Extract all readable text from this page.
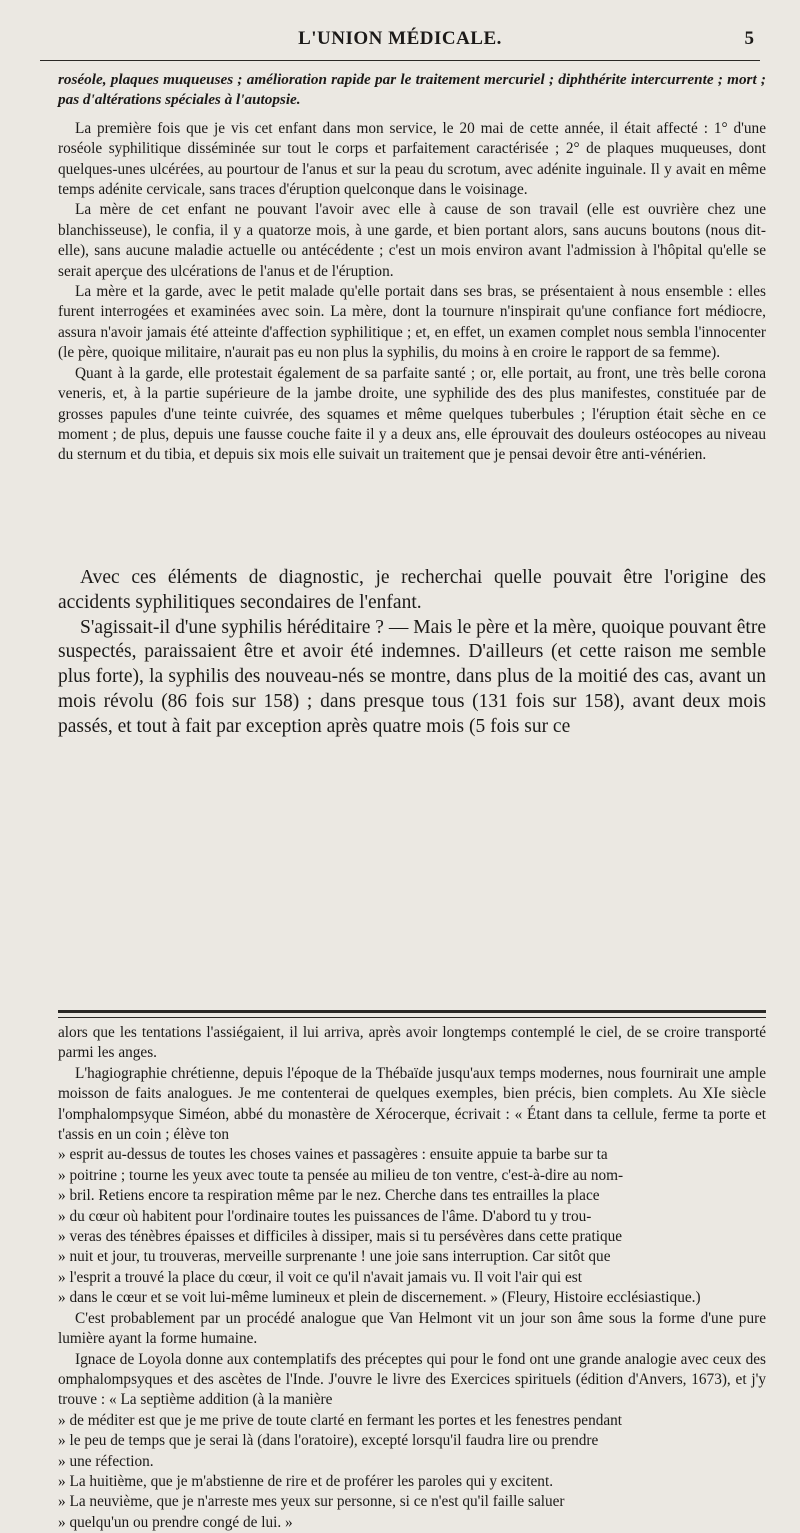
L'UNION MÉDICALE.	5

roséole, plaques muqueuses ; amélioration rapide par le traitement mercuriel ; diphthérite intercurrente ; mort ; pas d'altérations spéciales à l'autopsie.

La première fois que je vis cet enfant dans mon service, le 20 mai de cette année, il était affecté : 1° d'une roséole syphilitique disséminée sur tout le corps et parfaitement caractérisée ; 2° de plaques muqueuses, dont quelques-unes ulcérées, au pourtour de l'anus et sur la peau du scrotum, avec adénite inguinale. Il y avait en même temps adénite cervicale, sans traces d'éruption quelconque dans le voisinage.

La mère de cet enfant ne pouvant l'avoir avec elle à cause de son travail (elle est ouvrière chez une blanchisseuse), le confia, il y a quatorze mois, à une garde, et bien portant alors, sans aucuns boutons (nous dit-elle), sans aucune maladie actuelle ou antécédente ; c'est un mois environ avant l'admission à l'hôpital qu'elle se serait aperçue des ulcérations de l'anus et de l'éruption.

La mère et la garde, avec le petit malade qu'elle portait dans ses bras, se présentaient à nous ensemble : elles furent interrogées et examinées avec soin. La mère, dont la tournure n'inspirait qu'une confiance fort médiocre, assura n'avoir jamais été atteinte d'affection syphilitique ; et, en effet, un examen complet nous sembla l'innocenter (le père, quoique militaire, n'aurait pas eu non plus la syphilis, du moins à en croire le rapport de sa femme).

Quant à la garde, elle protestait également de sa parfaite santé ; or, elle portait, au front, une très belle corona veneris, et, à la partie supérieure de la jambe droite, une syphilide des des plus manifestes, constituée par de grosses papules d'une teinte cuivrée, des squames et même quelques tuberbules ; l'éruption était sèche en ce moment ; de plus, depuis une fausse couche faite il y a deux ans, elle éprouvait des douleurs ostéocopes au niveau du sternum et du tibia, et depuis six mois elle suivait un traitement que je pensai devoir être anti-vénérien.

Avec ces éléments de diagnostic, je recherchai quelle pouvait être l'origine des accidents syphilitiques secondaires de l'enfant.

S'agissait-il d'une syphilis héréditaire ? — Mais le père et la mère, quoique pouvant être suspectés, paraissaient être et avoir été indemnes. D'ailleurs (et cette raison me semble plus forte), la syphilis des nouveau-nés se montre, dans plus de la moitié des cas, avant un mois révolu (86 fois sur 158) ; dans presque tous (131 fois sur 158), avant deux mois passés, et tout à fait par exception après quatre mois (5 fois sur ce

alors que les tentations l'assiégaient, il lui arriva, après avoir longtemps contemplé le ciel, de se croire transporté parmi les anges.

L'hagiographie chrétienne, depuis l'époque de la Thébaïde jusqu'aux temps modernes, nous fournirait une ample moisson de faits analogues. Je me contenterai de quelques exemples, bien précis, bien complets. Au XIe siècle l'omphalompsyque Siméon, abbé du monastère de Xérocerque, écrivait : « Étant dans ta cellule, ferme ta porte et t'assis en un coin ; élève ton

» esprit au-dessus de toutes les choses vaines et passagères : ensuite appuie ta barbe sur ta

» poitrine ; tourne les yeux avec toute ta pensée au milieu de ton ventre, c'est-à-dire au nom-

» bril. Retiens encore ta respiration même par le nez. Cherche dans tes entrailles la place

» du cœur où habitent pour l'ordinaire toutes les puissances de l'âme. D'abord tu y trou-

» veras des ténèbres épaisses et difficiles à dissiper, mais si tu persévères dans cette pratique

» nuit et jour, tu trouveras, merveille surprenante ! une joie sans interruption. Car sitôt que

» l'esprit a trouvé la place du cœur, il voit ce qu'il n'avait jamais vu. Il voit l'air qui est

» dans le cœur et se voit lui-même lumineux et plein de discernement. » (Fleury, Histoire ecclésiastique.)

C'est probablement par un procédé analogue que Van Helmont vit un jour son âme sous la forme d'une pure lumière ayant la forme humaine.

Ignace de Loyola donne aux contemplatifs des préceptes qui pour le fond ont une grande analogie avec ceux des omphalompsyques et des ascètes de l'Inde. J'ouvre le livre des Exercices spirituels (édition d'Anvers, 1673), et j'y trouve : « La septième addition (à la manière

» de méditer est que je me prive de toute clarté en fermant les portes et les fenestres pendant

» le peu de temps que je serai là (dans l'oratoire), excepté lorsqu'il faudra lire ou prendre

» une réfection.

» La huitième, que je m'abstienne de rire et de proférer les paroles qui y excitent.

» La neuvième, que je n'arreste mes yeux sur personne, si ce n'est qu'il faille saluer

» quelqu'un ou prendre congé de lui. »
